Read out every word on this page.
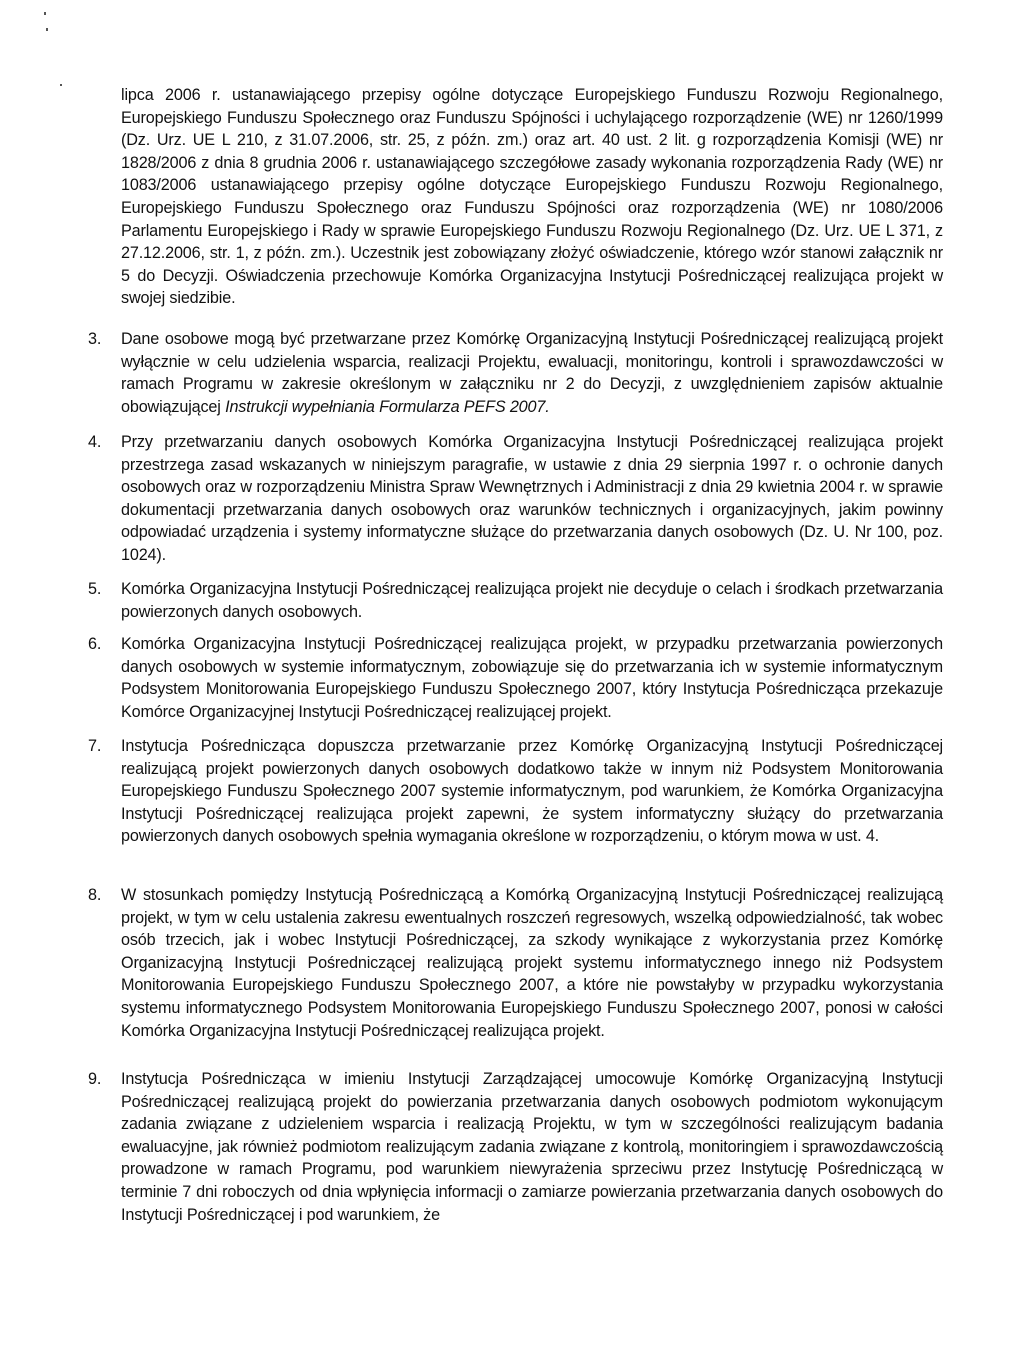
lipca 2006 r. ustanawiającego przepisy ogólne dotyczące Europejskiego Funduszu Rozwoju Regionalnego, Europejskiego Funduszu Społecznego oraz Funduszu Spójności i uchylającego rozporządzenie (WE) nr 1260/1999 (Dz. Urz. UE L 210, z 31.07.2006, str. 25, z późn. zm.) oraz art. 40 ust. 2 lit. g rozporządzenia Komisji (WE) nr 1828/2006 z dnia 8 grudnia 2006 r. ustanawiającego szczegółowe zasady wykonania rozporządzenia Rady (WE) nr 1083/2006 ustanawiającego przepisy ogólne dotyczące Europejskiego Funduszu Rozwoju Regionalnego, Europejskiego Funduszu Społecznego oraz Funduszu Spójności oraz rozporządzenia (WE) nr 1080/2006 Parlamentu Europejskiego i Rady w sprawie Europejskiego Funduszu Rozwoju Regionalnego (Dz. Urz. UE L 371, z 27.12.2006, str. 1, z późn. zm.). Uczestnik jest zobowiązany złożyć oświadczenie, którego wzór stanowi załącznik nr 5 do Decyzji. Oświadczenia przechowuje Komórka Organizacyjna Instytucji Pośredniczącej realizująca projekt w swojej siedzibie.

3. Dane osobowe mogą być przetwarzane przez Komórkę Organizacyjną Instytucji Pośredniczącej realizującą projekt wyłącznie w celu udzielenia wsparcia, realizacji Projektu, ewaluacji, monitoringu, kontroli i sprawozdawczości w ramach Programu w zakresie określonym w załączniku nr 2 do Decyzji, z uwzględnieniem zapisów aktualnie obowiązującej Instrukcji wypełniania Formularza PEFS 2007.
4. Przy przetwarzaniu danych osobowych Komórka Organizacyjna Instytucji Pośredniczącej realizująca projekt przestrzega zasad wskazanych w niniejszym paragrafie, w ustawie z dnia 29 sierpnia 1997 r. o ochronie danych osobowych oraz w rozporządzeniu Ministra Spraw Wewnętrznych i Administracji z dnia 29 kwietnia 2004 r. w sprawie dokumentacji przetwarzania danych osobowych oraz warunków technicznych i organizacyjnych, jakim powinny odpowiadać urządzenia i systemy informatyczne służące do przetwarzania danych osobowych (Dz. U. Nr 100, poz. 1024).
5. Komórka Organizacyjna Instytucji Pośredniczącej realizująca projekt nie decyduje o celach i środkach przetwarzania powierzonych danych osobowych.
6. Komórka Organizacyjna Instytucji Pośredniczącej realizująca projekt, w przypadku przetwarzania powierzonych danych osobowych w systemie informatycznym, zobowiązuje się do przetwarzania ich w systemie informatycznym Podsystem Monitorowania Europejskiego Funduszu Społecznego 2007, który Instytucja Pośrednicząca przekazuje Komórce Organizacyjnej Instytucji Pośredniczącej realizującej projekt.
7. Instytucja Pośrednicząca dopuszcza przetwarzanie przez Komórkę Organizacyjną Instytucji Pośredniczącej realizującą projekt powierzonych danych osobowych dodatkowo także w innym niż Podsystem Monitorowania Europejskiego Funduszu Społecznego 2007 systemie informatycznym, pod warunkiem, że Komórka Organizacyjna Instytucji Pośredniczącej realizująca projekt zapewni, że system informatyczny służący do przetwarzania powierzonych danych osobowych spełnia wymagania określone w rozporządzeniu, o którym mowa w ust. 4.
8. W stosunkach pomiędzy Instytucją Pośredniczącą a Komórką Organizacyjną Instytucji Pośredniczącej realizującą projekt, w tym w celu ustalenia zakresu ewentualnych roszczeń regresowych, wszelką odpowiedzialność, tak wobec osób trzecich, jak i wobec Instytucji Pośredniczącej, za szkody wynikające z wykorzystania przez Komórkę Organizacyjną Instytucji Pośredniczącej realizującą projekt systemu informatycznego innego niż Podsystem Monitorowania Europejskiego Funduszu Społecznego 2007, a które nie powstałyby w przypadku wykorzystania systemu informatycznego Podsystem Monitorowania Europejskiego Funduszu Społecznego 2007, ponosi w całości Komórka Organizacyjna Instytucji Pośredniczącej realizująca projekt.
9. Instytucja Pośrednicząca w imieniu Instytucji Zarządzającej umocowuje Komórkę Organizacyjną Instytucji Pośredniczącej realizującą projekt do powierzania przetwarzania danych osobowych podmiotom wykonującym zadania związane z udzieleniem wsparcia i realizacją Projektu, w tym w szczególności realizującym badania ewaluacyjne, jak również podmiotom realizującym zadania związane z kontrolą, monitoringiem i sprawozdawczością prowadzone w ramach Programu, pod warunkiem niewyrażenia sprzeciwu przez Instytucję Pośredniczącą w terminie 7 dni roboczych od dnia wpłynięcia informacji o zamiarze powierzania przetwarzania danych osobowych do Instytucji Pośredniczącej i pod warunkiem, że
